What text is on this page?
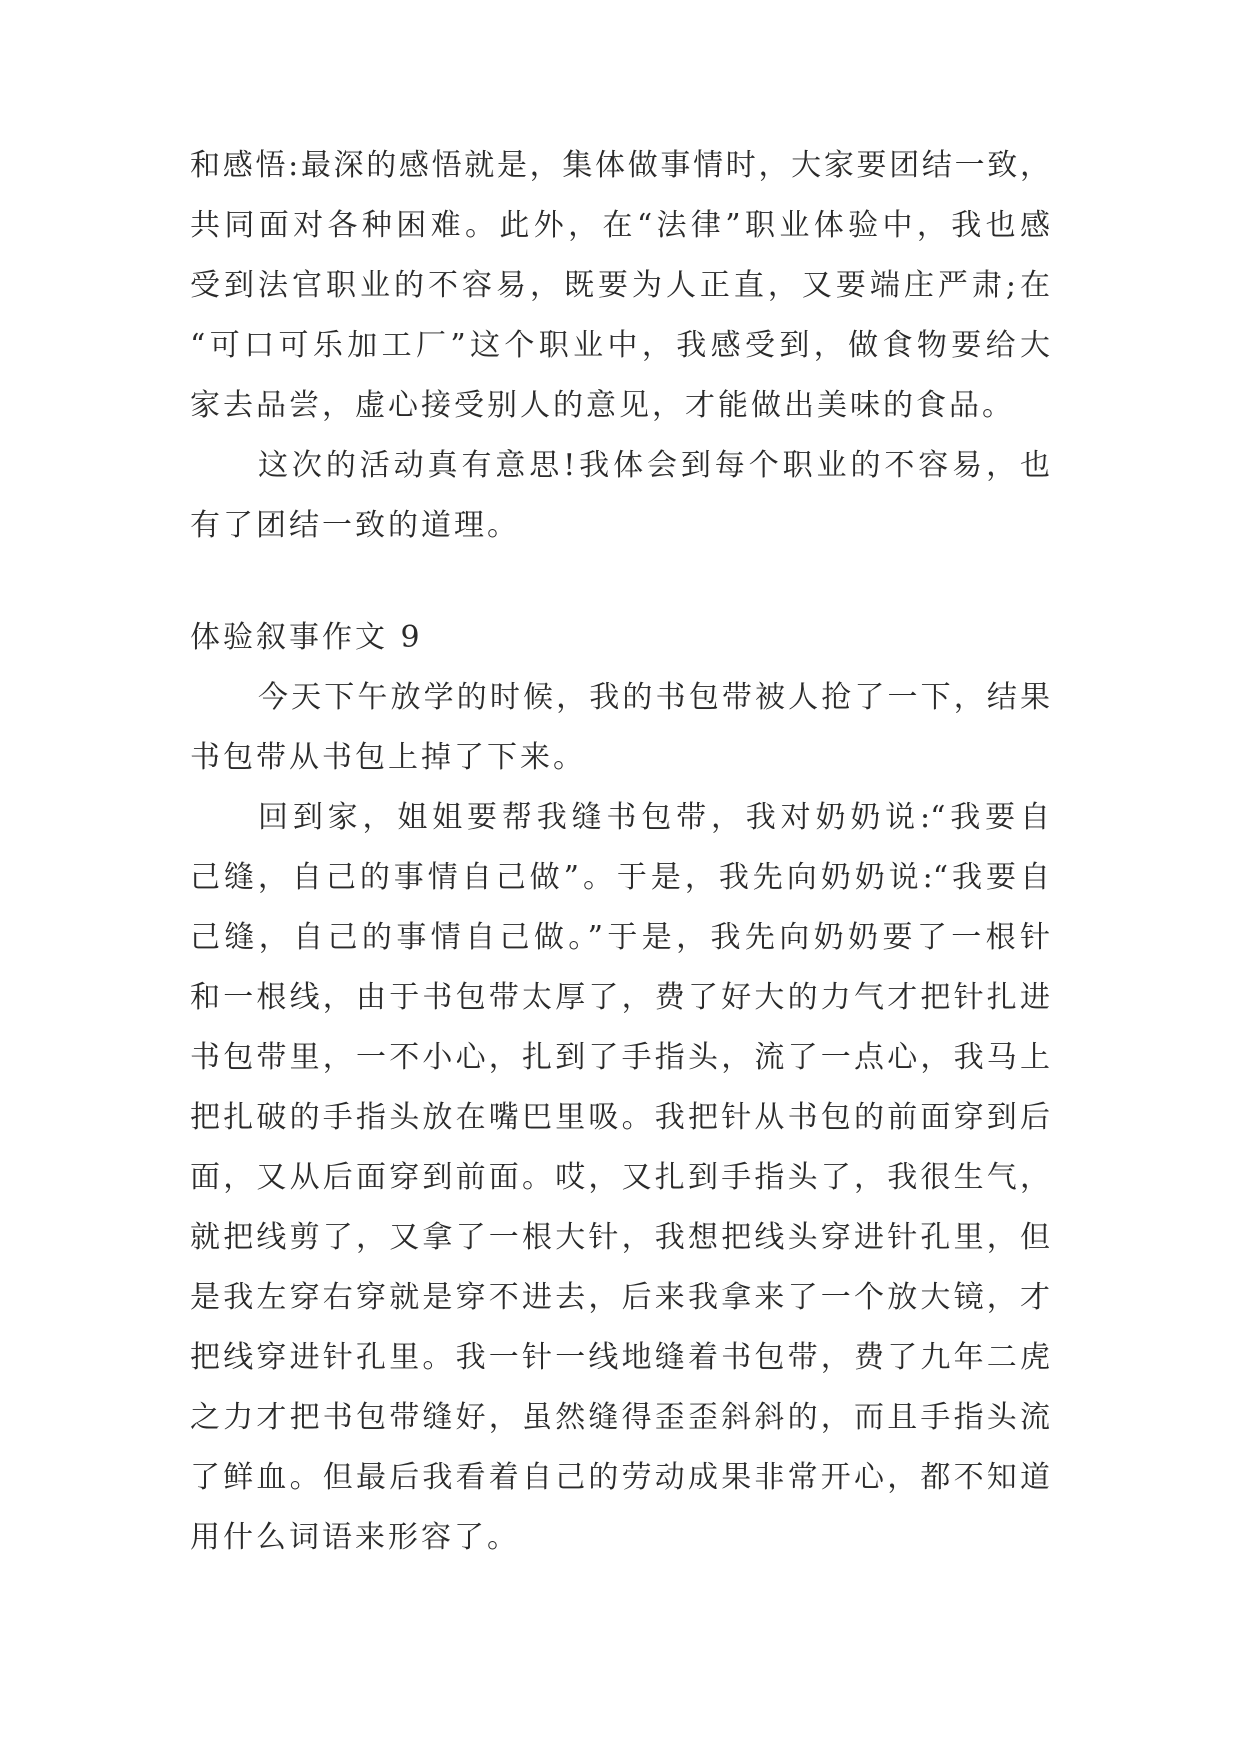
和感悟:最深的感悟就是，集体做事情时，大家要团结一致，
共同面对各种困难。此外，在“法律”职业体验中，我也感
受到法官职业的不容易，既要为人正直，又要端庄严肃;在
“可口可乐加工厂”这个职业中，我感受到，做食物要给大
家去品尝，虚心接受别人的意见，才能做出美味的食品。
这次的活动真有意思!我体会到每个职业的不容易，也
有了团结一致的道理。
体验叙事作文 9
今天下午放学的时候，我的书包带被人抢了一下，结果
书包带从书包上掉了下来。
回到家，姐姐要帮我缝书包带，我对奶奶说:“我要自
己缝，自己的事情自己做”。于是，我先向奶奶说:“我要自
己缝，自己的事情自己做。”于是，我先向奶奶要了一根针
和一根线，由于书包带太厚了，费了好大的力气才把针扎进
书包带里，一不小心，扎到了手指头，流了一点心，我马上
把扎破的手指头放在嘴巴里吸。我把针从书包的前面穿到后
面，又从后面穿到前面。哎，又扎到手指头了，我很生气，
就把线剪了，又拿了一根大针，我想把线头穿进针孔里，但
是我左穿右穿就是穿不进去，后来我拿来了一个放大镜，才
把线穿进针孔里。我一针一线地缝着书包带，费了九年二虎
之力才把书包带缝好，虽然缝得歪歪斜斜的，而且手指头流
了鲜血。但最后我看着自己的劳动成果非常开心，都不知道
用什么词语来形容了。
